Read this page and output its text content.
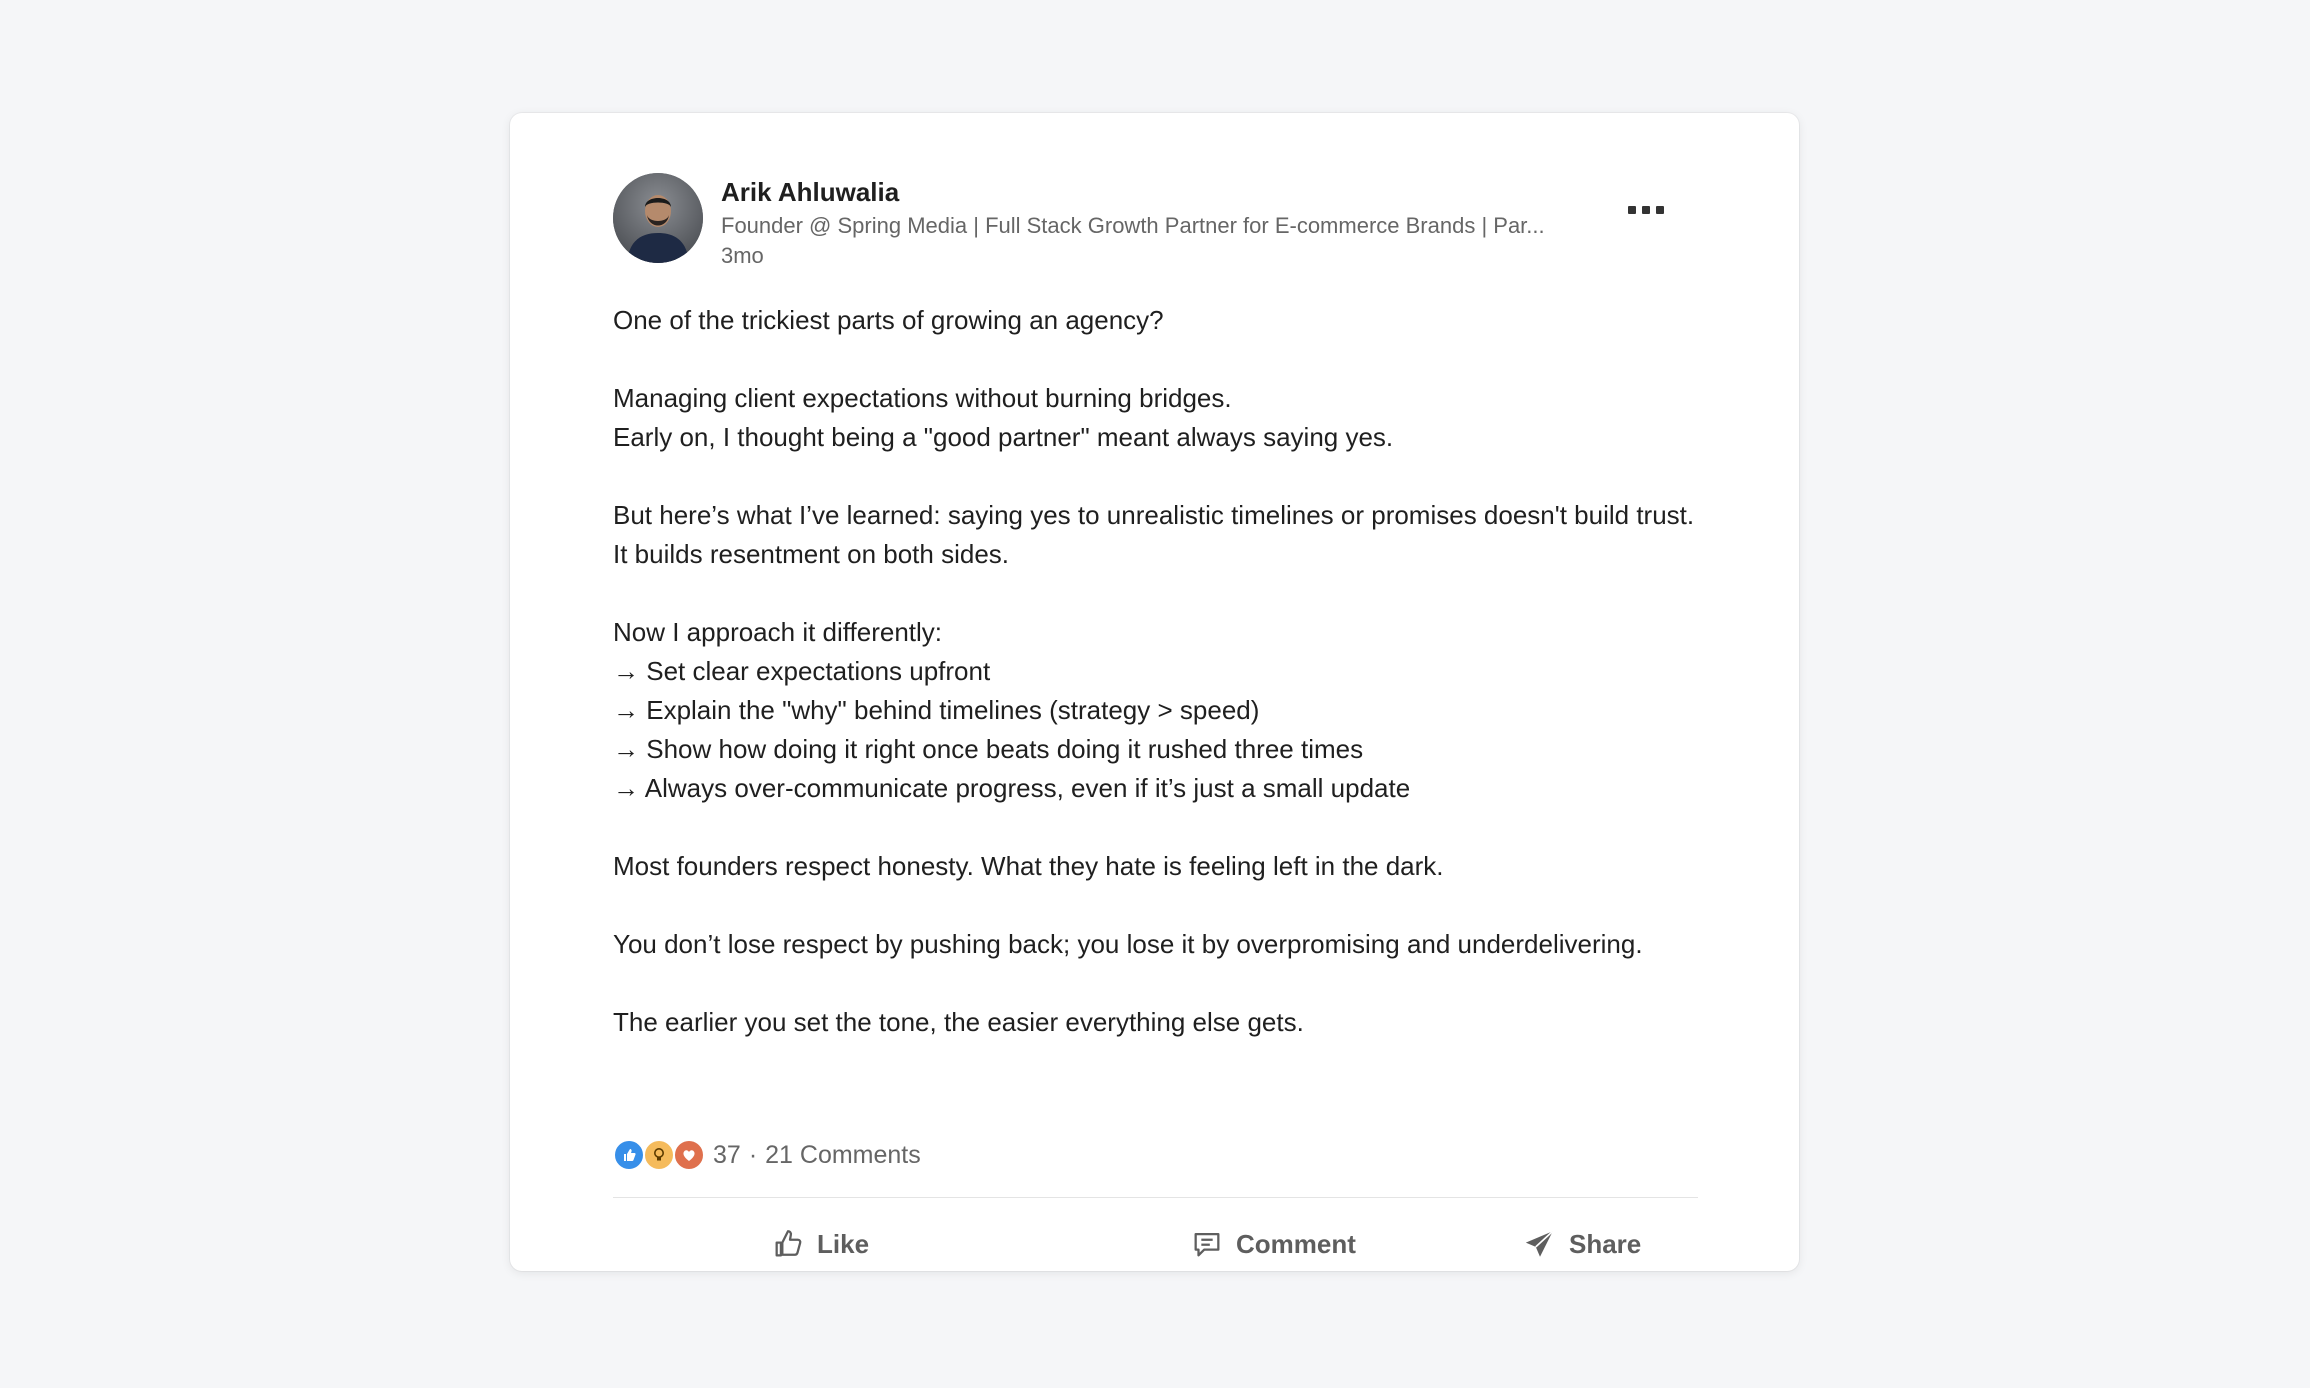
Arik Ahluwalia
Founder @ Spring Media | Full Stack Growth Partner for E-commerce Brands | Par...
3mo

One of the trickiest parts of growing an agency?

Managing client expectations without burning bridges.

Early on, I thought being a "good partner" meant always saying yes.

But here’s what I’ve learned: saying yes to unrealistic timelines or promises doesn't build trust. It builds resentment on both sides.

Now I approach it differently:

→ Set clear expectations upfront

→ Explain the "why" behind timelines (strategy > speed)

→ Show how doing it right once beats doing it rushed three times

→ Always over-communicate progress, even if it’s just a small update

Most founders respect honesty. What they hate is feeling left in the dark.

You don’t lose respect by pushing back; you lose it by overpromising and underdelivering.

The earlier you set the tone, the easier everything else gets.

37 · 21 Comments
Like	Comment	Share
